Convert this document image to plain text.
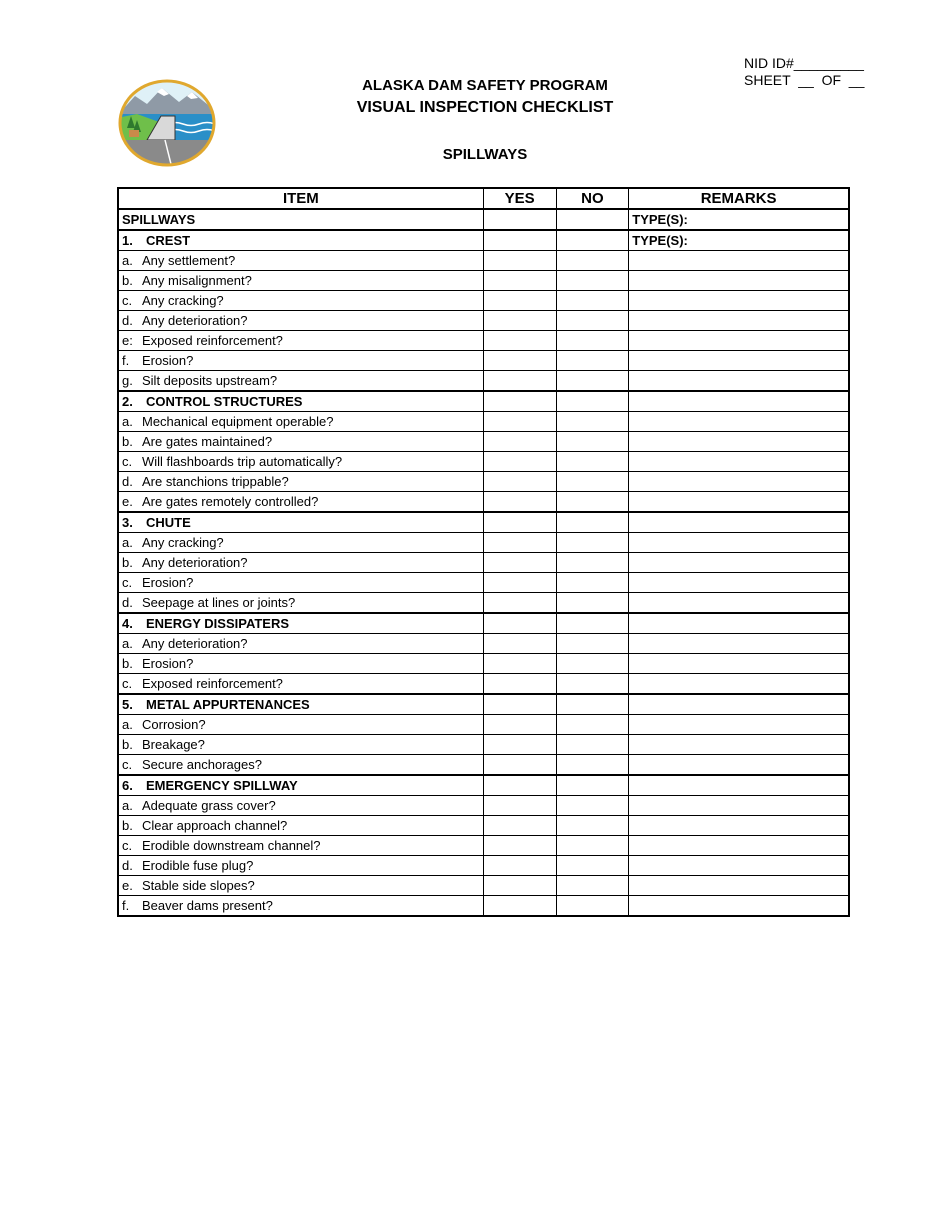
NID ID#_________
SHEET  __  OF  __
ALASKA DAM SAFETY PROGRAM
VISUAL INSPECTION CHECKLIST
SPILLWAYS
ITEM	YES	NO	REMARKS
SPILLWAYS			TYPE(S):
1. CREST			TYPE(S):
a. Any settlement?			
b. Any misalignment?			
c. Any cracking?			
d. Any deterioration?			
e: Exposed reinforcement?			
f. Erosion?			
g. Silt deposits upstream?			
2. CONTROL STRUCTURES			
a. Mechanical equipment operable?			
b. Are gates maintained?			
c. Will flashboards trip automatically?			
d. Are stanchions trippable?			
e. Are gates remotely controlled?			
3. CHUTE			
a. Any cracking?			
b. Any deterioration?			
c. Erosion?			
d. Seepage at lines or joints?			
4. ENERGY DISSIPATERS			
a. Any deterioration?			
b. Erosion?			
c. Exposed reinforcement?			
5. METAL APPURTENANCES			
a. Corrosion?			
b. Breakage?			
c. Secure anchorages?			
6. EMERGENCY SPILLWAY			
a. Adequate grass cover?			
b. Clear approach channel?			
c. Erodible downstream channel?			
d. Erodible fuse plug?			
e. Stable side slopes?			
f. Beaver dams present?			
